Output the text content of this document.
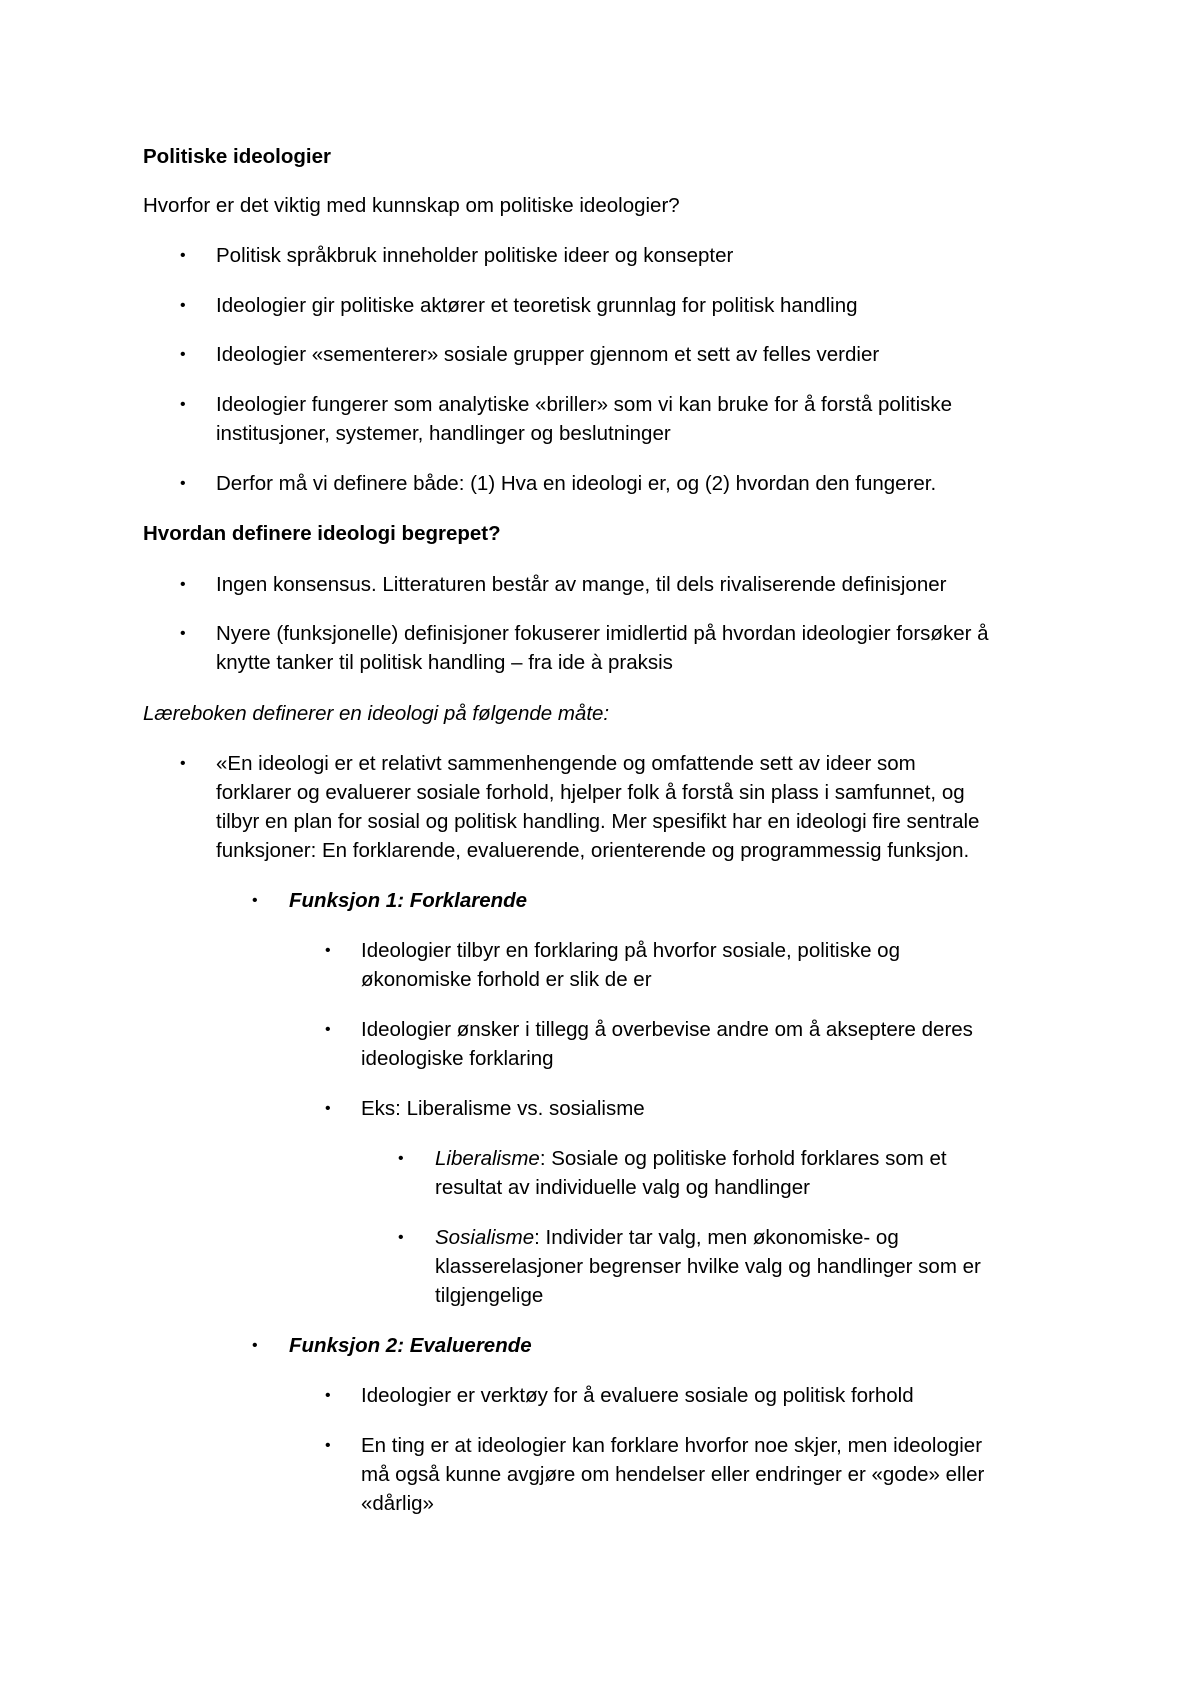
Politiske ideologier
Hvorfor er det viktig med kunnskap om politiske ideologier?
• Politisk språkbruk inneholder politiske ideer og konsepter
• Ideologier gir politiske aktører et teoretisk grunnlag for politisk handling
• Ideologier «sementerer» sosiale grupper gjennom et sett av felles verdier
• Ideologier fungerer som analytiske «briller» som vi kan bruke for å forstå politiske
institusjoner, systemer, handlinger og beslutninger
• Derfor må vi definere både: (1) Hva en ideologi er, og (2) hvordan den fungerer.
Hvordan definere ideologi begrepet?
• Ingen konsensus. Litteraturen består av mange, til dels rivaliserende definisjoner
• Nyere (funksjonelle) definisjoner fokuserer imidlertid på hvordan ideologier forsøker å
knytte tanker til politisk handling – fra ide à praksis
Læreboken definerer en ideologi på følgende måte:
• «En ideologi er et relativt sammenhengende og omfattende sett av ideer som
forklarer og evaluerer sosiale forhold, hjelper folk å forstå sin plass i samfunnet, og
tilbyr en plan for sosial og politisk handling. Mer spesifikt har en ideologi fire sentrale
funksjoner: En forklarende, evaluerende, orienterende og programmessig funksjon.
• Funksjon 1: Forklarende
• Ideologier tilbyr en forklaring på hvorfor sosiale, politiske og
økonomiske forhold er slik de er
• Ideologier ønsker i tillegg å overbevise andre om å akseptere deres
ideologiske forklaring
• Eks: Liberalisme vs. sosialisme
• Liberalisme: Sosiale og politiske forhold forklares som et
resultat av individuelle valg og handlinger
• Sosialisme: Individer tar valg, men økonomiske- og
klasserelasjoner begrenser hvilke valg og handlinger som er
tilgjengelige
• Funksjon 2: Evaluerende
• Ideologier er verktøy for å evaluere sosiale og politisk forhold
• En ting er at ideologier kan forklare hvorfor noe skjer, men ideologier
må også kunne avgjøre om hendelser eller endringer er «gode» eller
«dårlig»
